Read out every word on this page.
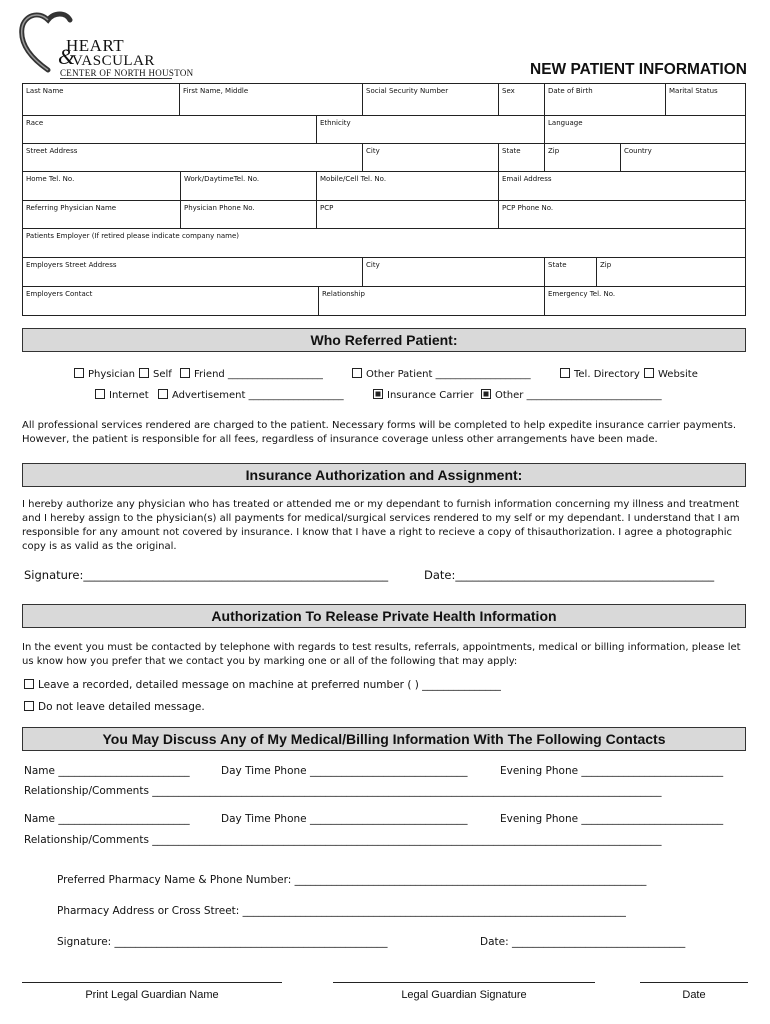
HEART
&
VASCULAR
CENTER OF NORTH HOUSTON	NEW PATIENT INFORMATION
Last Name	First Name, Middle	Social Security Number	Sex	Date of Birth	Marital Status
Race	Ethnicity	Language
Street Address	City	State	Zip	Country
Home Tel. No.	Work/DaytimeTel. No.	Mobile/Cell Tel. No.	Email Address
Referring Physician Name	Physician Phone No.	PCP	PCP Phone No.
Patients Employer (If retired please indicate company name)
Employers Street Address	City	State	Zip
Employers Contact	Relationship	Emergency Tel. No.
Who Referred Patient:
Physician	Self	Friend ___________________	Other Patient ___________________	Tel. Directory	Website
Internet	Advertisement ___________________	Insurance Carrier	Other ___________________________
All professional services rendered are charged to the patient. Necessary forms will be completed to help expedite insurance carrier payments. However, the patient is responsible for all fees, regardless of insurance coverage unless other arrangements have been made.
Insurance Authorization and Assignment:
I hereby authorize any physician who has treated or attended me or my dependant to furnish information concerning my illness and treatment and I hereby assign to the physician(s) all payments for medical/surgical services rendered to my self or my dependant. I understand that I am responsible for any amount not covered by insurance. I know that I have a right to recieve a copy of thisauthorization. I agree a photographic copy is as valid as the original.
Signature:_____________________________________________________	Date:_____________________________________________
Authorization To Release Private Health Information
In the event you must be contacted by telephone with regards to test results, referrals, appointments, medical or billing information, please let us know how you prefer that we contact you by marking one or all of the following that may apply:
Leave a recorded, detailed message on machine at preferred number ( ) _______________
Do not leave detailed message.
You May Discuss Any of My Medical/Billing Information With The Following Contacts
Name _________________________	Day Time Phone ______________________________	Evening Phone ___________________________
Relationship/Comments _________________________________________________________________________________________________
Name _________________________	Day Time Phone ______________________________	Evening Phone ___________________________
Relationship/Comments _________________________________________________________________________________________________
Preferred Pharmacy Name & Phone Number: ___________________________________________________________________
Pharmacy Address or Cross Street: _________________________________________________________________________
Signature: ____________________________________________________	Date: _________________________________
Print Legal Guardian Name	Legal Guardian Signature	Date
